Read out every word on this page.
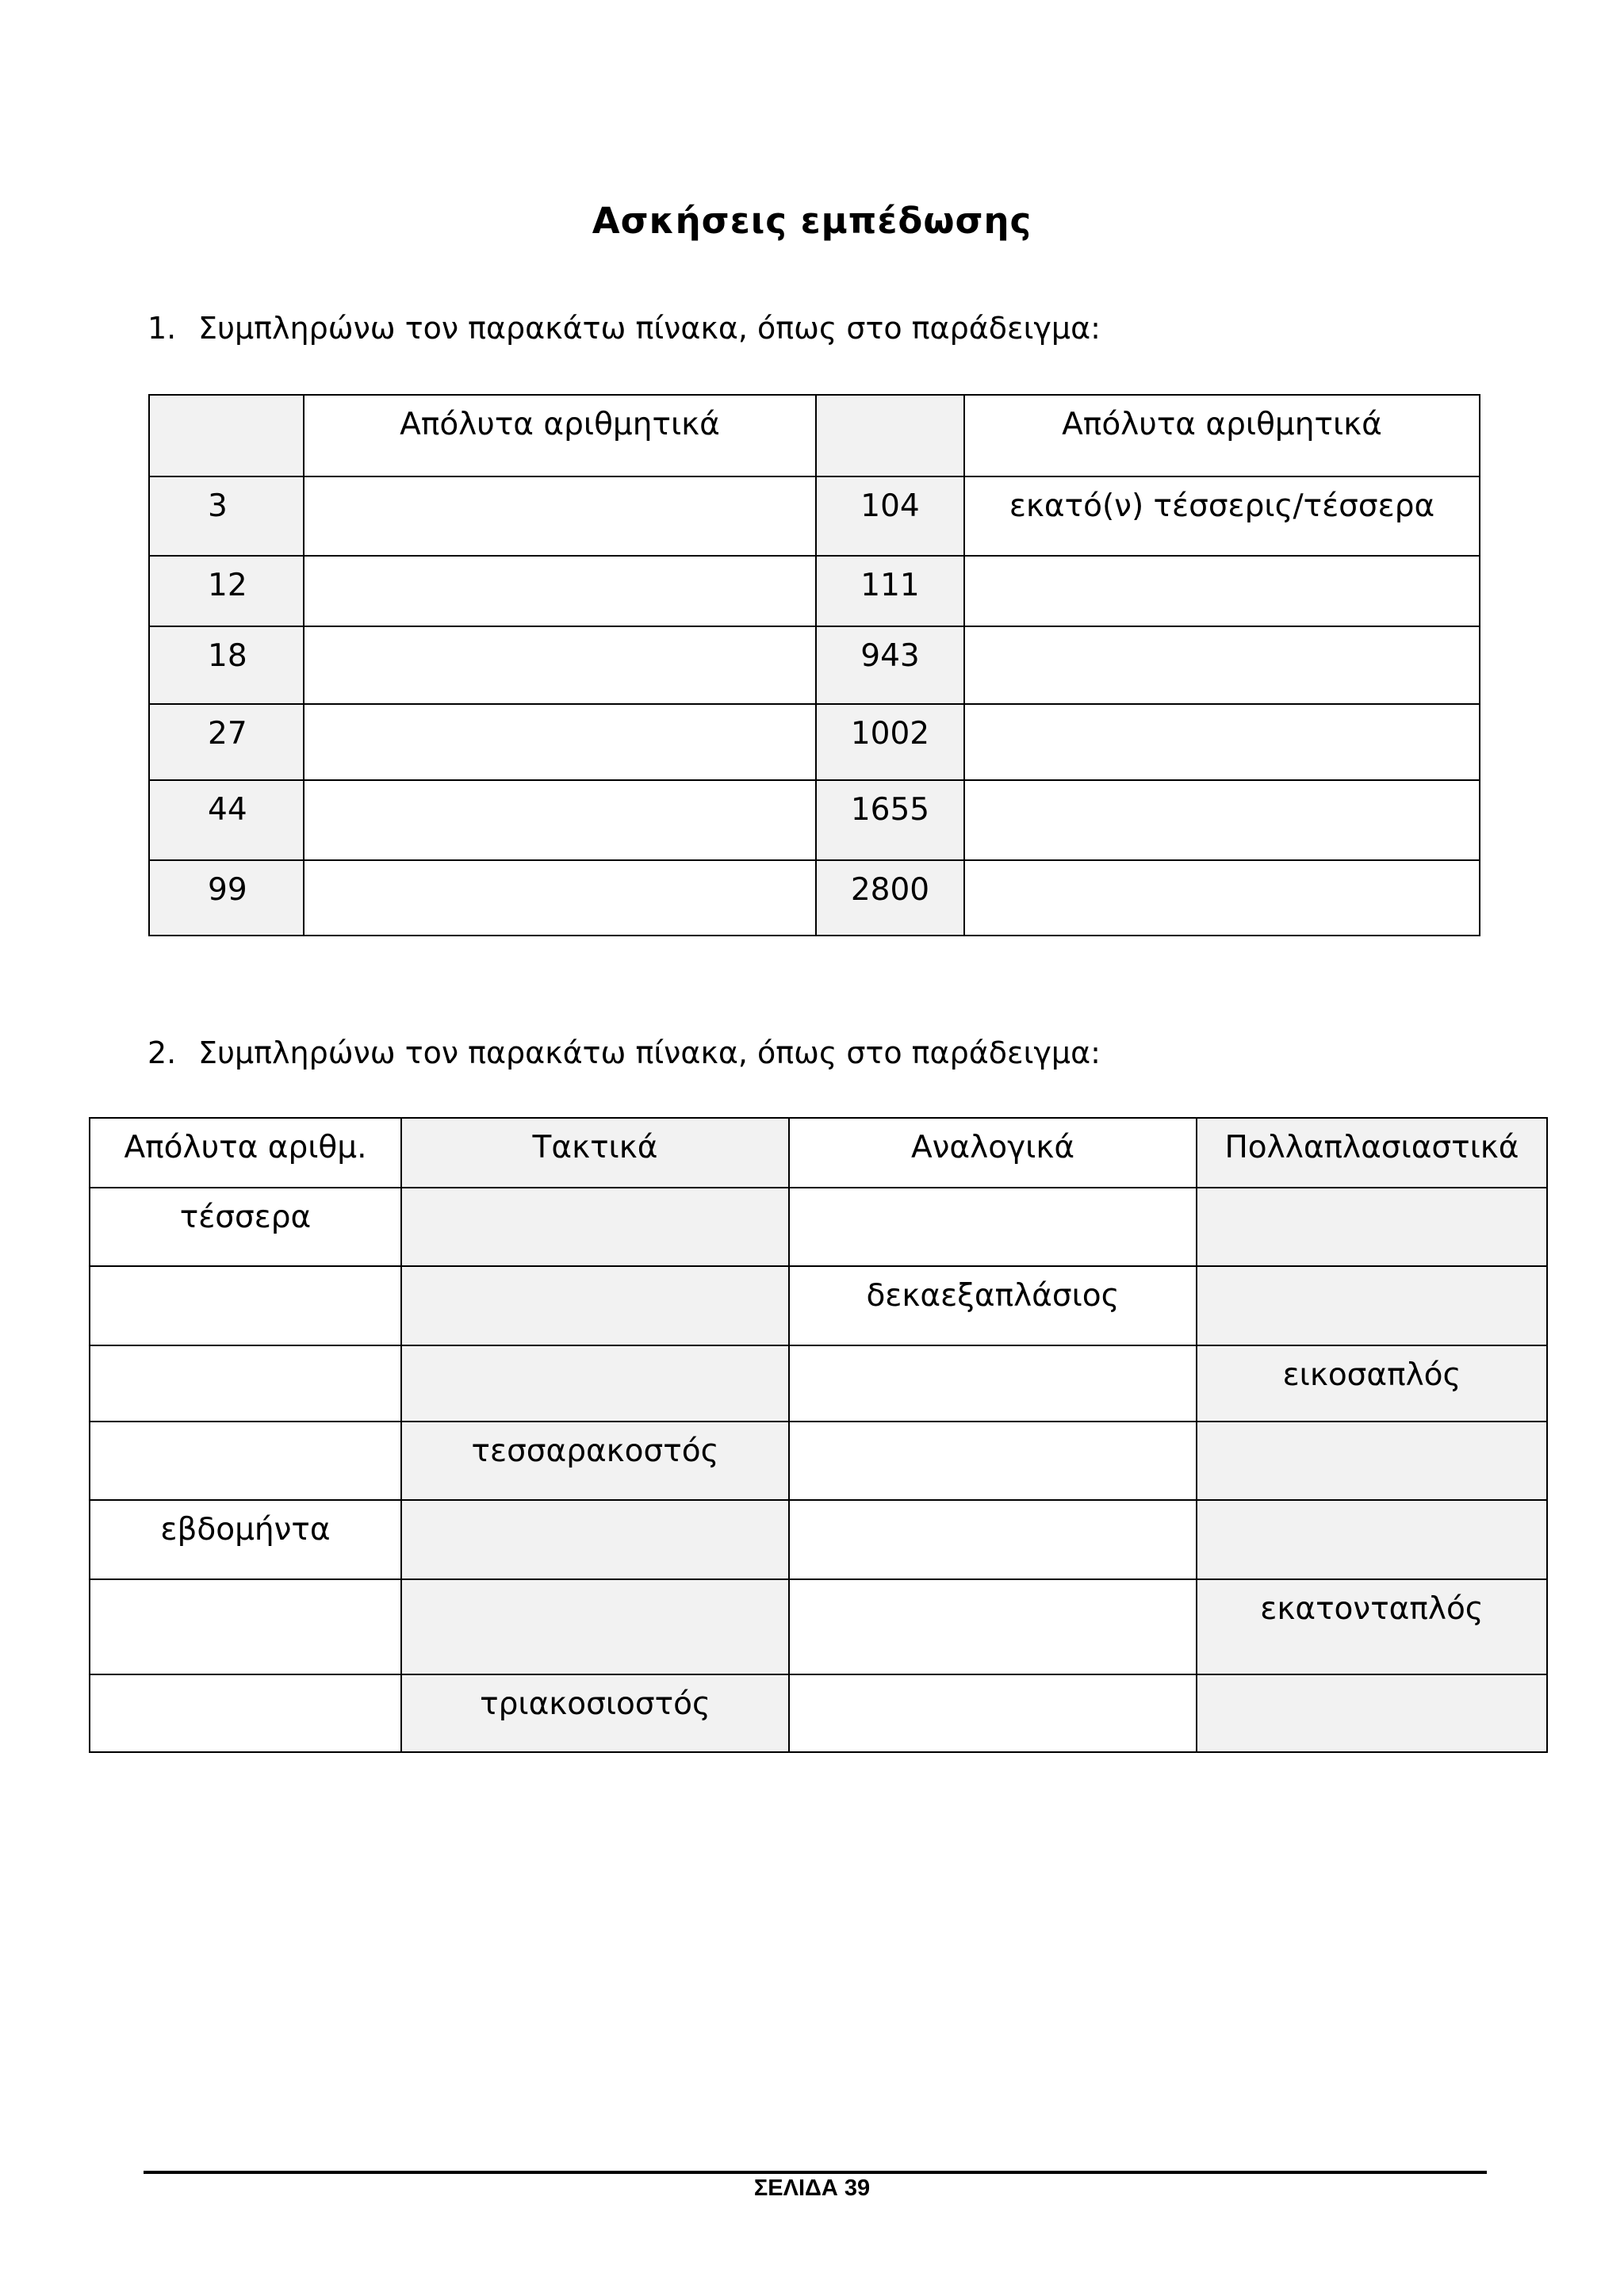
Ασκήσεις εμπέδωσης
1. Συμπληρώνω τον παρακάτω πίνακα, όπως στο παράδειγμα:
	Απόλυτα αριθμητικά		Απόλυτα αριθμητικά
3		104	εκατό(ν) τέσσερις/τέσσερα
12		111	
18		943	
27		1002	
44		1655	
99		2800	
2. Συμπληρώνω τον παρακάτω πίνακα, όπως στο παράδειγμα:
Απόλυτα αριθμ.	Τακτικά	Αναλογικά	Πολλαπλασιαστικά
τέσσερα			
		δεκαεξαπλάσιος	
			εικοσαπλός
	τεσσαρακοστός		
εβδομήντα			
			εκατονταπλός
	τριακοσιοστός		
ΣΕΛΙΔΑ 39
